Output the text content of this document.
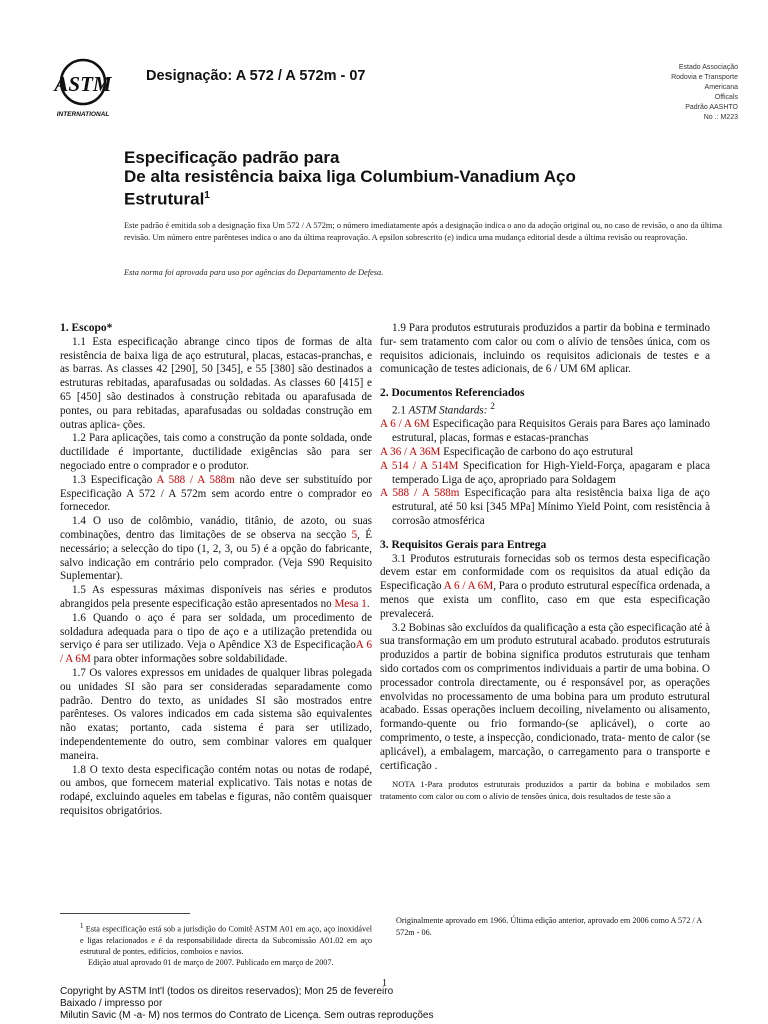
ASTM
INTERNATIONAL
Designação: A 572 / A 572m - 07
Estado Associação
Rodovia e Transporte
Americana
Officals
Padrão AASHTO
No .: M223
Especificação padrão para
De alta resistência baixa liga Columbium-Vanadium Aço
Estrutural$^1$
Este padrão é emitida sob a designação fixa Um 572 / A 572m; o número imediatamente após a designação indica o ano da adoção original ou, no caso de revisão, o ano da última revisão. Um número entre parênteses indica o ano da última reaprovação. A epsilon sobrescrito (e) indica uma mudança editorial desde a última revisão ou reaprovação.
Esta norma foi aprovada para uso por agências do Departamento de Defesa.

1. Escopo*

1.1 Esta especificação abrange cinco tipos de formas de alta resistência de baixa liga de aço estrutural, placas, estacas-pranchas, e as barras. As classes 42 [290], 50 [345], e 55 [380] são destinados a estruturas rebitadas, aparafusadas ou soldadas. As classes 60 [415] e 65 [450] são destinados à construção rebitada ou aparafusada de pontes, ou para rebitadas, aparafusadas ou soldadas construção em outras aplica- ções.

1.2 Para aplicações, tais como a construção da ponte soldada, onde ductilidade é importante, ductilidade exigências são para ser negociado entre o comprador e o produtor.

1.3 Especificação A 588 / A 588m não deve ser substituído por Especificação A 572 / A 572m sem acordo entre o comprador eo fornecedor.

1.4 O uso de colômbio, vanádio, titânio, de azoto, ou suas combinações, dentro das limitações de se observa na secção 5, É necessário; a selecção do tipo (1, 2, 3, ou 5) é a opção do fabricante, salvo indicação em contrário pelo comprador. (Veja S90 Requisito Suplementar).

1.5 As espessuras máximas disponíveis nas séries e produtos abrangidos pela presente especificação estão apresentados no Mesa 1.

1.6 Quando o aço é para ser soldada, um procedimento de soldadura adequada para o tipo de aço e a utilização pretendida ou serviço é para ser utilizado. Veja o Apêndice X3 de EspecificaçãoA 6 / A 6M para obter informações sobre soldabilidade.

1.7 Os valores expressos em unidades de qualquer libras polegada ou unidades SI são para ser consideradas separadamente como padrão. Dentro do texto, as unidades SI são mostrados entre parênteses. Os valores indicados em cada sistema são equivalentes não exatas; portanto, cada sistema é para ser utilizado, independentemente do outro, sem combinar valores em qualquer maneira.

1.8 O texto desta especificação contém notas ou notas de rodapé, ou ambos, que fornecem material explicativo. Tais notas e notas de rodapé, excluindo aqueles em tabelas e figuras, não contêm quaisquer requisitos obrigatórios.

1.9 Para produtos estruturais produzidos a partir da bobina e terminado fur- sem tratamento com calor ou com o alívio de tensões única, com os requisitos adicionais, incluindo os requisitos adicionais de testes e a comunicação de testes adicionais, de 6 / UM 6M aplicar.

2. Documentos Referenciados

2.1 ASTM Standards: $^2$

A 6 / A 6M Especificação para Requisitos Gerais para Bares aço laminado estrutural, placas, formas e estacas-pranchas

A 36 / A 36M Especificação de carbono do aço estrutural

A 514 / A 514M Specification for High-Yield-Força, apagaram e placa temperado Liga de aço, apropriado para Soldagem

A 588 / A 588m Especificação para alta resistência baixa liga de aço estrutural, até 50 ksi [345 MPa] Mínimo Yield Point, com resistência à corrosão atmosférica

3. Requisitos Gerais para Entrega

3.1 Produtos estruturais fornecidas sob os termos desta especificação devem estar em conformidade com os requisitos da atual edição da Especificação A 6 / A 6M, Para o produto estrutural específica ordenada, a menos que exista um conflito, caso em que esta especificação prevalecerá.

3.2 Bobinas são excluídos da qualificação a esta ção especificação até à sua transformação em um produto estrutural acabado. produtos estruturais produzidos a partir de bobina significa produtos estruturais que tenham sido cortados com os comprimentos individuais a partir de uma bobina. O processador controla directamente, ou é responsável por, as operações envolvidas no processamento de uma bobina para um produto estrutural acabado. Essas operações incluem decoiling, nivelamento ou alisamento, formando-quente ou frio formando-(se aplicável), o corte ao comprimento, o teste, a inspecção, condicionado, trata- mento de calor (se aplicável), a embalagem, marcação, o carregamento para o transporte e certificação .

NOTA 1-Para produtos estruturais produzidos a partir da bobina e mobilados sem tratamento com calor ou com o alívio de tensões única, dois resultados de teste são a

$^1$ Esta especificação está sob a jurisdição do Comitê ASTM A01 em aço, aço inoxidável e ligas relacionados e é da responsabilidade directa da Subcomissão A01.02 em aço estrutural de pontes, edifícios, comboios e navios.

Edição atual aprovado 01 de março de 2007. Publicado em março de 2007.

Originalmente aprovado em 1966. Última edição anterior, aprovado em 2006 como A 572 / A 572m - 06.
1
Copyright by ASTM Int'l (todos os direitos reservados); Mon 25 de fevereiro
Baixado / impresso por
Milutin Savic (M -a- M) nos termos do Contrato de Licença. Sem outras reproduções
